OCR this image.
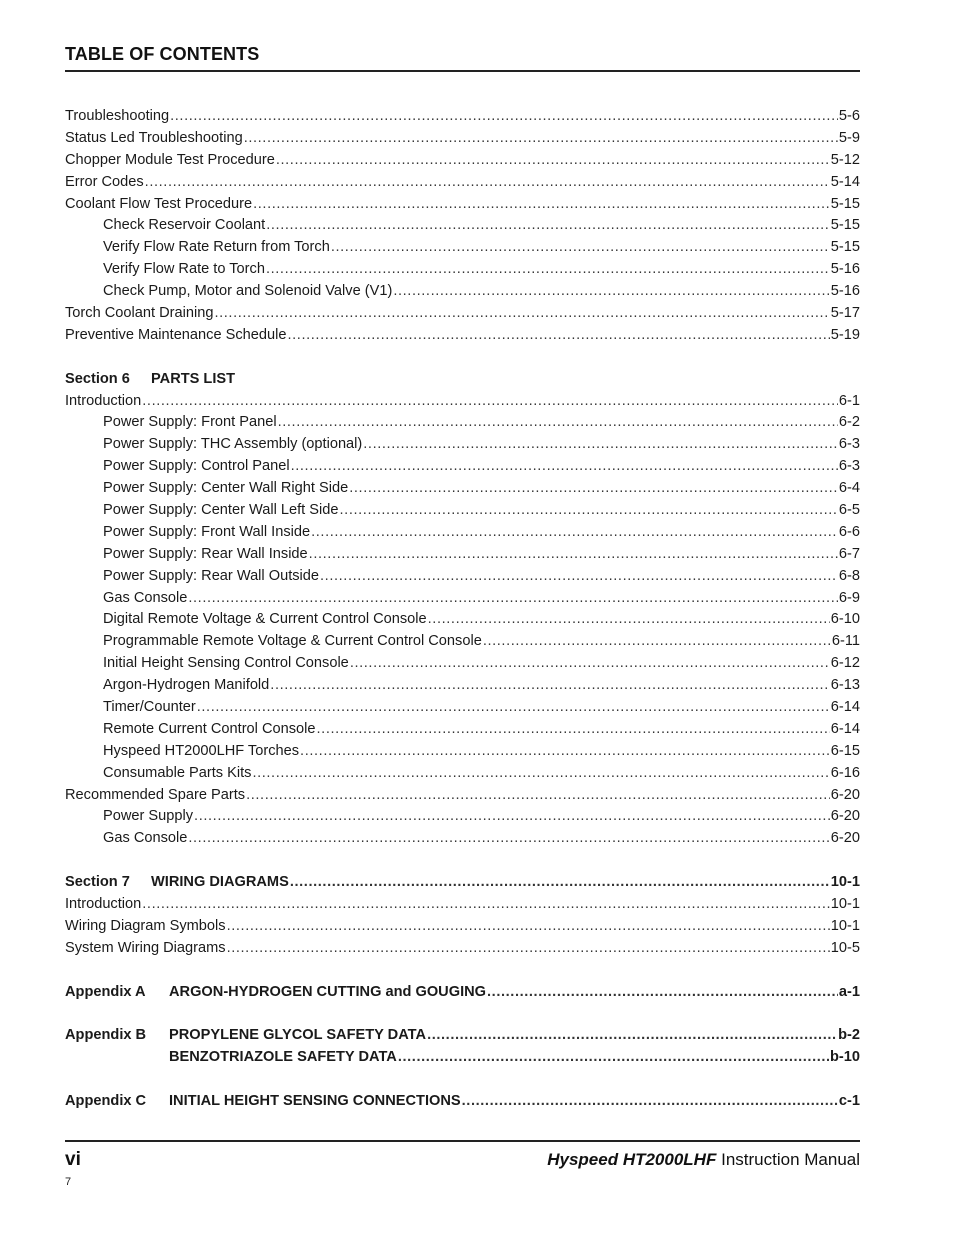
TABLE OF CONTENTS
Troubleshooting .....	5-6
Status Led Troubleshooting .....	5-9
Chopper Module Test Procedure .....	5-12
Error Codes .....	5-14
Coolant Flow Test Procedure .....	5-15
Check Reservoir Coolant .....	5-15
Verify Flow Rate Return from Torch .....	5-15
Verify Flow Rate to Torch .....	5-16
Check Pump, Motor and Solenoid Valve (V1) .....	5-16
Torch Coolant Draining .....	5-17
Preventive Maintenance Schedule .....	5-19
Section 6	PARTS LIST
Introduction .....	6-1
Power Supply: Front Panel .....	6-2
Power Supply: THC Assembly (optional) .....	6-3
Power Supply: Control Panel .....	6-3
Power Supply: Center Wall Right Side .....	6-4
Power Supply: Center Wall Left Side .....	6-5
Power Supply: Front Wall Inside .....	6-6
Power Supply: Rear Wall Inside .....	6-7
Power Supply: Rear Wall Outside .....	6-8
Gas Console .....	6-9
Digital Remote Voltage & Current Control Console .....	6-10
Programmable Remote Voltage & Current Control Console .....	6-11
Initial Height Sensing Control Console .....	6-12
Argon-Hydrogen Manifold .....	6-13
Timer/Counter .....	6-14
Remote Current Control Console .....	6-14
Hyspeed HT2000LHF Torches .....	6-15
Consumable Parts Kits .....	6-16
Recommended Spare Parts .....	6-20
Power Supply .....	6-20
Gas Console .....	6-20
Section 7	WIRING DIAGRAMS .....	10-1
Introduction .....	10-1
Wiring Diagram Symbols .....	10-1
System Wiring Diagrams .....	10-5
Appendix A	ARGON-HYDROGEN CUTTING and GOUGING .....	a-1
Appendix B	PROPYLENE GLYCOL SAFETY DATA .....	b-2
BENZOTRIAZOLE SAFETY DATA .....	b-10
Appendix C	INITIAL HEIGHT SENSING CONNECTIONS .....	c-1
vi	Hyspeed HT2000LHF Instruction Manual
7
